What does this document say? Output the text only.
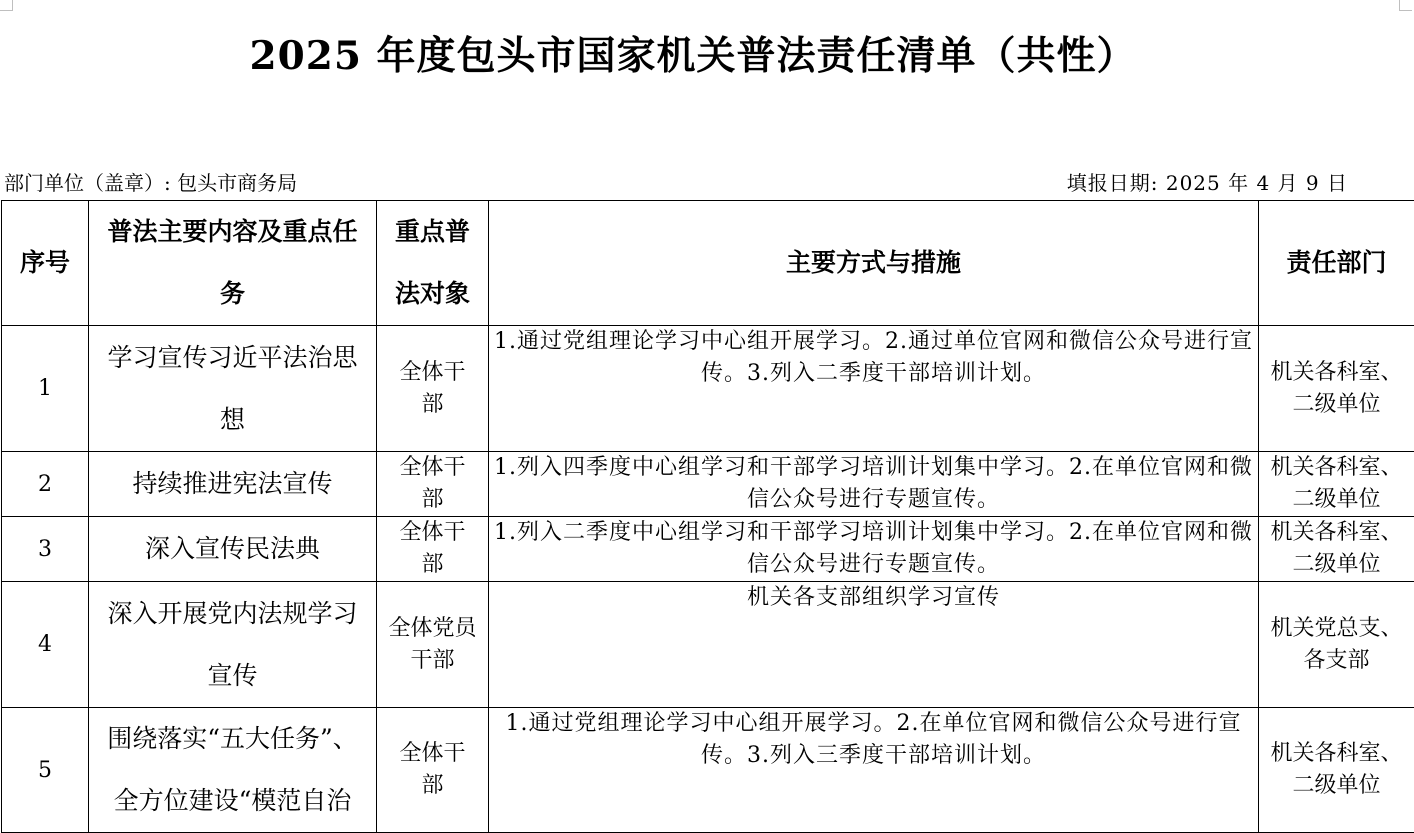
2025 年度包头市国家机关普法责任清单（共性）
部门单位（盖章）: 包头市商务局	填报日期: 2025 年 4 月 9 日
序号	普法主要内容及重点任务	重点普法对象	主要方式与措施	责任部门
1	学习宣传习近平法治思想	全体干部	1.通过党组理论学习中心组开展学习。2.通过单位官网和微信公众号进行宣传。3.列入二季度干部培训计划。	机关各科室、二级单位
2	持续推进宪法宣传	全体干部	1.列入四季度中心组学习和干部学习培训计划集中学习。2.在单位官网和微信公众号进行专题宣传。	机关各科室、二级单位
3	深入宣传民法典	全体干部	1.列入二季度中心组学习和干部学习培训计划集中学习。2.在单位官网和微信公众号进行专题宣传。	机关各科室、二级单位
4	深入开展党内法规学习宣传	全体党员干部	机关各支部组织学习宣传	机关党总支、各支部
5	围绕落实“五大任务”、全方位建设“模范自治	全体干部	1.通过党组理论学习中心组开展学习。2.在单位官网和微信公众号进行宣传。3.列入三季度干部培训计划。	机关各科室、二级单位
